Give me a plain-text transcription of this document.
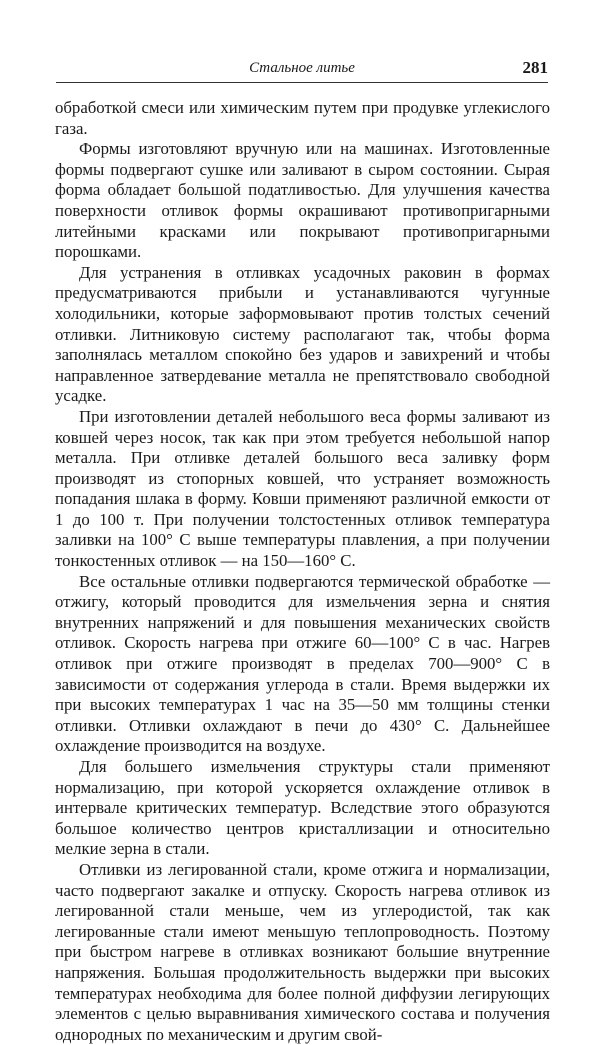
Стальное литье	281

обработкой смеси или химическим путем при продувке углекислого газа.

Формы изготовляют вручную или на машинах. Изготовленные формы подвергают сушке или заливают в сыром состоянии. Сырая форма обладает большой податливостью. Для улучшения качества поверхности отливок формы окрашивают противопригарными литейными красками или покрывают противопригарными порошками.

Для устранения в отливках усадочных раковин в формах предусматриваются прибыли и устанавливаются чугунные холодильники, которые заформовывают против толстых сечений отливки. Литниковую систему располагают так, чтобы форма заполнялась металлом спокойно без ударов и завихрений и чтобы направленное затвердевание металла не препятствовало свободной усадке.

При изготовлении деталей небольшого веса формы заливают из ковшей через носок, так как при этом требуется небольшой напор металла. При отливке деталей большого веса заливку форм производят из стопорных ковшей, что устраняет возможность попадания шлака в форму. Ковши применяют различной емкости от 1 до 100 т. При получении толстостенных отливок температура заливки на 100° С выше температуры плавления, а при получении тонкостенных отливок — на 150—160° С.

Все остальные отливки подвергаются термической обработке — отжигу, который проводится для измельчения зерна и снятия внутренних напряжений и для повышения механических свойств отливок. Скорость нагрева при отжиге 60—100° С в час. Нагрев отливок при отжиге производят в пределах 700—900° С в зависимости от содержания углерода в стали. Время выдержки их при высоких температурах 1 час на 35—50 мм толщины стенки отливки. Отливки охлаждают в печи до 430° С. Дальнейшее охлаждение производится на воздухе.

Для большего измельчения структуры стали применяют нормализацию, при которой ускоряется охлаждение отливок в интервале критических температур. Вследствие этого образуются большое количество центров кристаллизации и относительно мелкие зерна в стали.

Отливки из легированной стали, кроме отжига и нормализации, часто подвергают закалке и отпуску. Скорость нагрева отливок из легированной стали меньше, чем из углеродистой, так как легированные стали имеют меньшую теплопроводность. Поэтому при быстром нагреве в отливках возникают большие внутренние напряжения. Большая продолжительность выдержки при высоких температурах необходима для более полной диффузии легирующих элементов с целью выравнивания химического состава и получения однородных по механическим и другим свой-
